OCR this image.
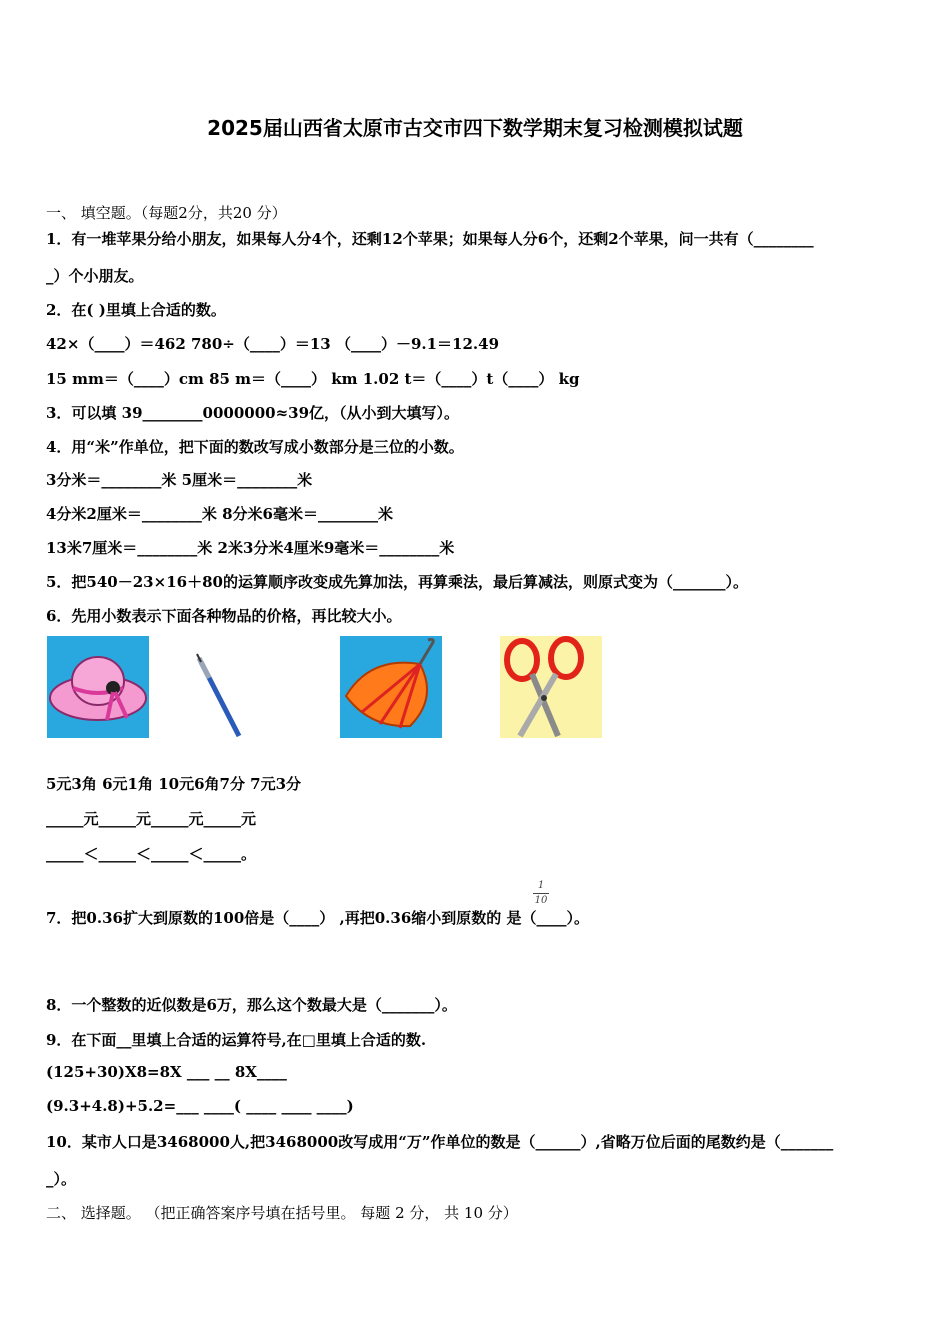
2025届山西省太原市古交市四下数学期末复习检测模拟试题
一、 填空题。（每题2分，共20 分）
1．有一堆苹果分给小朋友，如果每人分4个，还剩12个苹果；如果每人分6个，还剩2个苹果，问一共有（________
_）个小朋友。
2．在( )里填上合适的数。
42×（____）＝462 780÷（____）＝13 （____）－9.1＝12.49
15 mm＝（____）cm 85 m＝（____） km 1.02 t＝（____）t（____） kg
3．可以填 39________0000000≈39亿，（从小到大填写）。
4．用“米”作单位，把下面的数改写成小数部分是三位的小数。
3分米＝________米 5厘米＝________米
4分米2厘米＝________米 8分米6毫米＝________米
13米7厘米＝________米 2米3分米4厘米9毫米＝________米
5．把540－23×16＋80的运算顺序改变成先算加法，再算乘法，最后算减法，则原式变为（_______）。
6．先用小数表示下面各种物品的价格，再比较大小。
5元3角 6元1角 10元6角7分 7元3分
_____元_____元_____元_____元
_____＜_____＜_____＜_____。
1
10
7．把0.36扩大到原数的100倍是（____） ,再把0.36缩小到原数的 是（____）。
8．一个整数的近似数是6万，那么这个数最大是（_______）。
9．在下面__里填上合适的运算符号,在□里填上合适的数.
(125+30)X8=8X ___ __ 8X____
(9.3+4.8)+5.2=___ ____( ____ ____ ____)
10．某市人口是3468000人,把3468000改写成用“万”作单位的数是（______）,省略万位后面的尾数约是（_______
_）。
二、 选择题。 （把正确答案序号填在括号里。 每题 2 分， 共 10 分）
